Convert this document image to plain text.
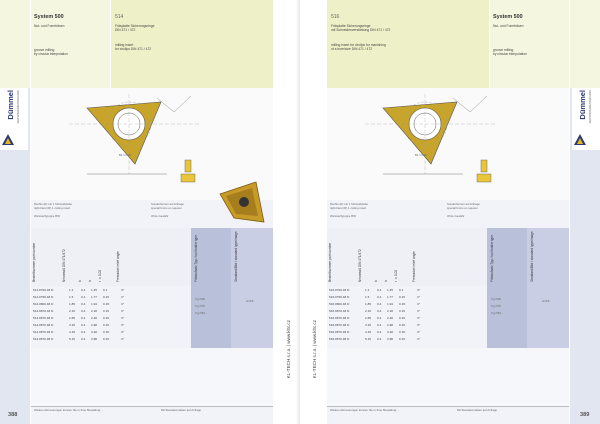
System 500
Nut- und Formfräsen
groove milling
by circular interpolation
514
Fräsplatte Sicherungsringe
DIN 471 / 472
milling insert
for circlips DIN 471 / 472
Dümmel ZERSPANUNGSTECHNIK
B1 ± 0.02
Rechts (R) mit 1 Schneidplatte
right-hand (R) 1 cutting insert
Werkstoffgruppe B/D
Sonderformen auf Anfrage
special forms on request
Ohne Gewähr
Bestellnummer part number	Nennmaß DIN 471/472	b h r ±0.02	Freiwinkel relief angle	Fräsaufsatz Typ / tool holder type	Standard/Bild / standard type/image
514.0700.48 D	1.1 0.4 1.45 0.1	3°
514.0750.48 D	1.5 0.4 1.77 0.15	3°
514.0800.48 D	1.85 0.4 1.94 0.15	3°
514.0870.48 D	2.15 0.4 2.18 0.15	3°
514.0870.48 D	2.65 0.4 2.48 0.15	3°
514.0870.48 D	3.15 0.4 2.98 0.15	3°
514.0870.48 D	4.15 0.4 3.48 0.15	3°
514.0870.48 D	5.15 0.4 3.98 0.15	3°
Typ 500
Typ 570
Typ 581
Δ=3/5
Weitere Abmessungen können Sie in Ihrer Bestellung...	Mit Standard platten auf Anfrage
388
KL-TECH s.r.o. | www.kltc.cz
516
Fräsplatte Sicherungsringe
mit Schneidenverstärkung DIN 471 / 472
milling insert for circlips for machining
of a bore/size DIN 471 / 472
System 500
Nut- und Formfräsen
groove milling
by circular interpolation
Dümmel ZERSPANUNGSTECHNIK
B1 ± 0.02
Rechts (R) mit 1 Schneidplatte
right-hand (R) 1 cutting insert
Werkstoffgruppe B/D
Sonderformen auf Anfrage
special forms on request
Ohne Gewähr
Bestellnummer part number	Nennmaß DIN 471/472	b h r ±0.02	Freiwinkel relief angle	Fräsaufsatz Typ / tool holder type	Standard/Bild / standard type/image
516.0700.48 D	1.1 0.4 1.45 0.1	3°
516.0750.48 D	1.5 0.4 1.77 0.15	3°
516.0800.48 D	1.85 0.4 1.94 0.15	3°
516.0870.48 D	2.15 0.4 2.18 0.15	3°
516.0870.48 D	2.65 0.4 2.48 0.15	3°
516.0870.48 D	3.15 0.4 2.98 0.15	3°
516.0870.48 D	4.15 0.4 3.48 0.15	3°
516.0870.48 D	5.15 0.4 3.98 0.15	3°
Typ 500
Typ 570
Typ 581
Δ=3/5
Weitere Abmessungen können Sie in Ihrer Bestellung...	Mit Standard platten auf Anfrage
389
KL-TECH s.r.o. | www.kltc.cz
